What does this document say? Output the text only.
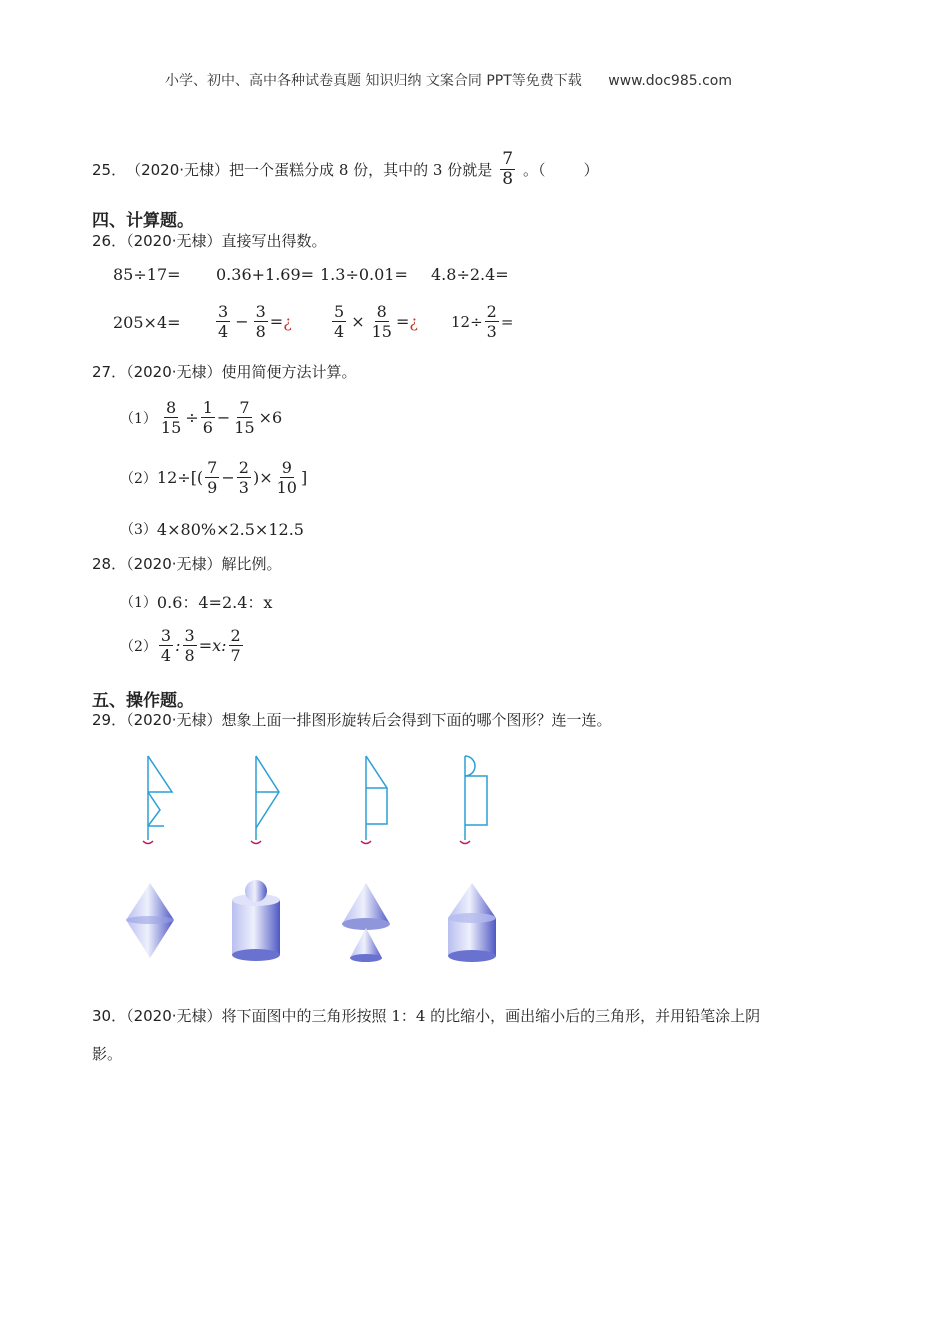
小学、初中、高中各种试卷真题 知识归纳 文案合同 PPT等免费下载 www.doc985.com
25． （2020·无棣） 把一个蛋糕分成 8 份，其中的 3 份就是 $\frac{7}{8}$ 。（	）
四、计算题。
26．（2020·无棣）直接写出得数。
85÷17= 0.36+1.69= 1.3÷0.01= 4.8÷2.4=
$205\times 4= \frac{3}{4} - \frac{3}{8}$ = ¿	$\frac{5}{4} \times \frac{8}{15}$ = ¿ $12\div \frac{2}{3}$ =
27．（2020·无棣）使用简便方法计算。
$(1) \frac{8}{15} \div \frac{1}{6} - \frac{7}{15} \times 6$
（2） $12\div[( \frac{7}{9} - \frac{2}{3}$ )× $\frac{9}{10}$ ]
（3） 4×80%×2.5×12.5
28．（2020·无棣）解比例。
（1） 0.6：4=2.4：x
$(2) \frac{3}{4}$ : $\frac{3}{8} =x$: $\frac{2}{7}$
五、操作题。
29．（2020·无棣）想象上面一排图形旋转后会得到下面的哪个图形？连一连。
30．（2020·无棣）将下面图中的三角形按照 1：4 的比缩小，画出缩小后的三角形，并用铅笔涂上阴
影。
